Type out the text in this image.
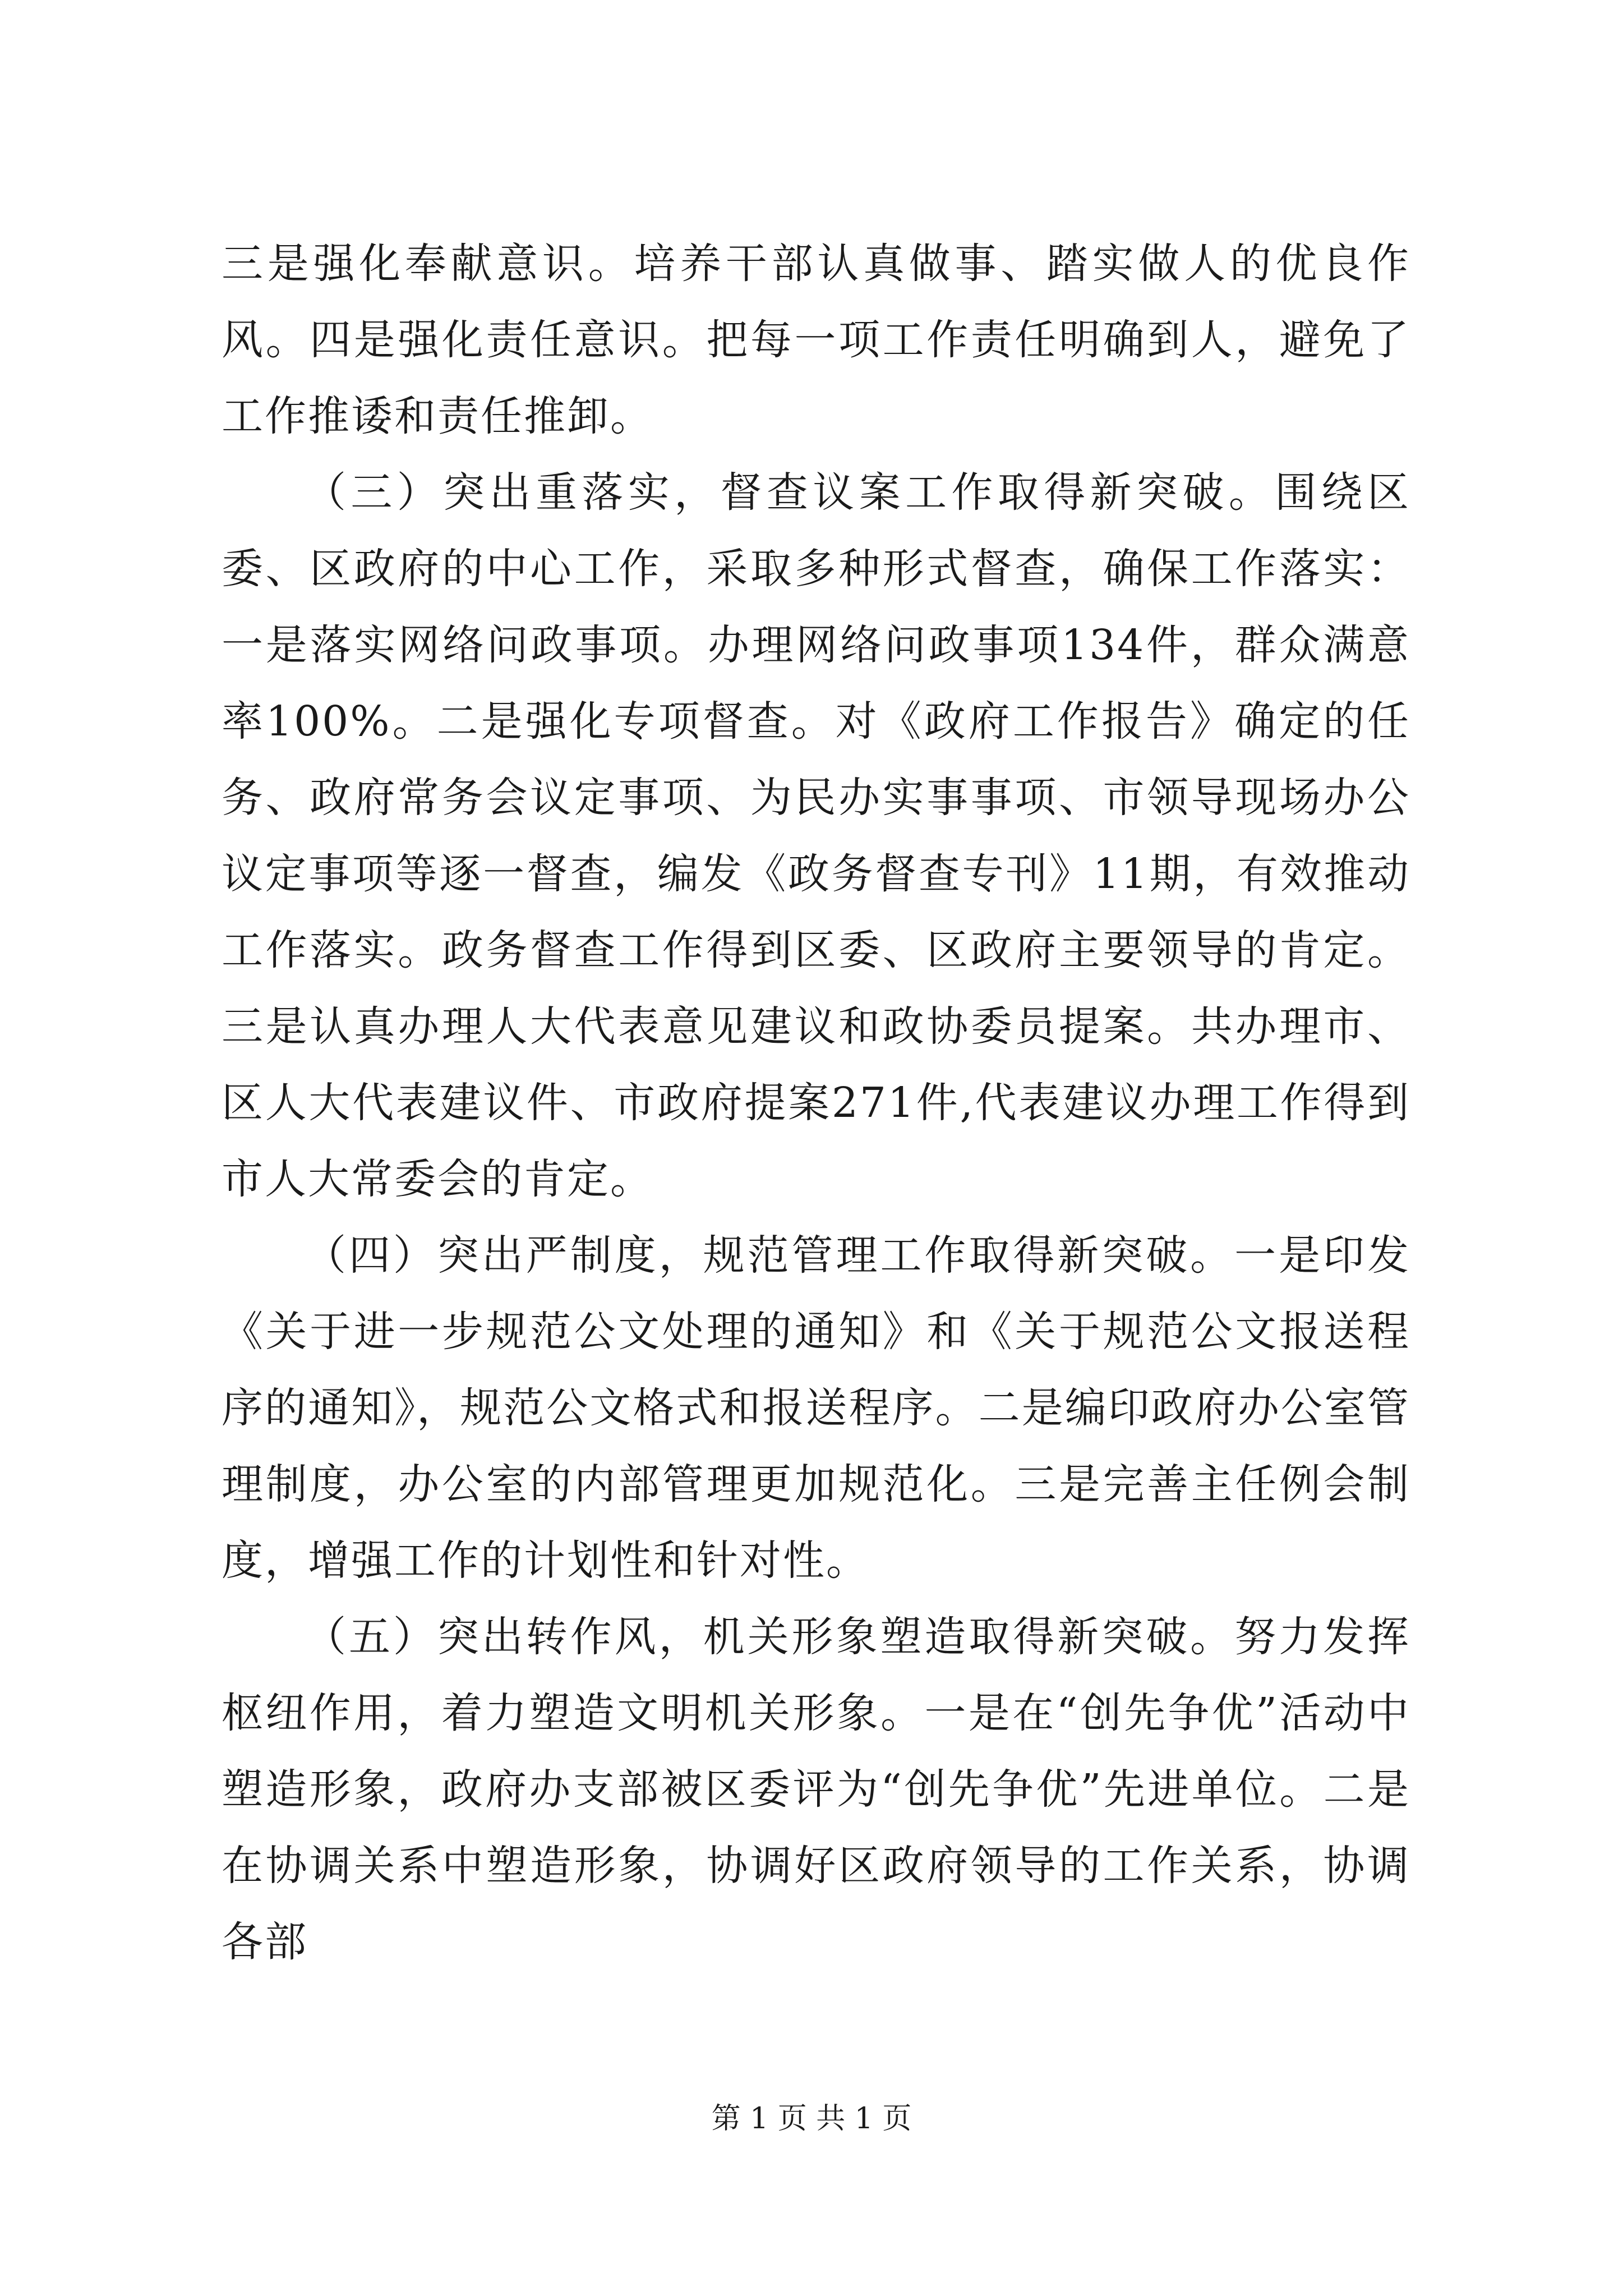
三是强化奉献意识。培养干部认真做事、踏实做人的优良作风。四是强化责任意识。把每一项工作责任明确到人，避免了工作推诿和责任推卸。

（三）突出重落实，督查议案工作取得新突破。围绕区委、区政府的中心工作，采取多种形式督查，确保工作落实：一是落实网络问政事项。办理网络问政事项134件，群众满意率100%。二是强化专项督查。对《政府工作报告》确定的任务、政府常务会议定事项、为民办实事事项、市领导现场办公议定事项等逐一督查，编发《政务督查专刊》11期，有效推动工作落实。政务督查工作得到区委、区政府主要领导的肯定。三是认真办理人大代表意见建议和政协委员提案。共办理市、区人大代表建议件、市政府提案271件,代表建议办理工作得到市人大常委会的肯定。

（四）突出严制度，规范管理工作取得新突破。一是印发《关于进一步规范公文处理的通知》和《关于规范公文报送程序的通知》，规范公文格式和报送程序。二是编印政府办公室管理制度，办公室的内部管理更加规范化。三是完善主任例会制度，增强工作的计划性和针对性。

（五）突出转作风，机关形象塑造取得新突破。努力发挥枢纽作用，着力塑造文明机关形象。一是在“创先争优”活动中塑造形象，政府办支部被区委评为“创先争优”先进单位。二是在协调关系中塑造形象，协调好区政府领导的工作关系，协调各部

第 1 页 共 1 页
